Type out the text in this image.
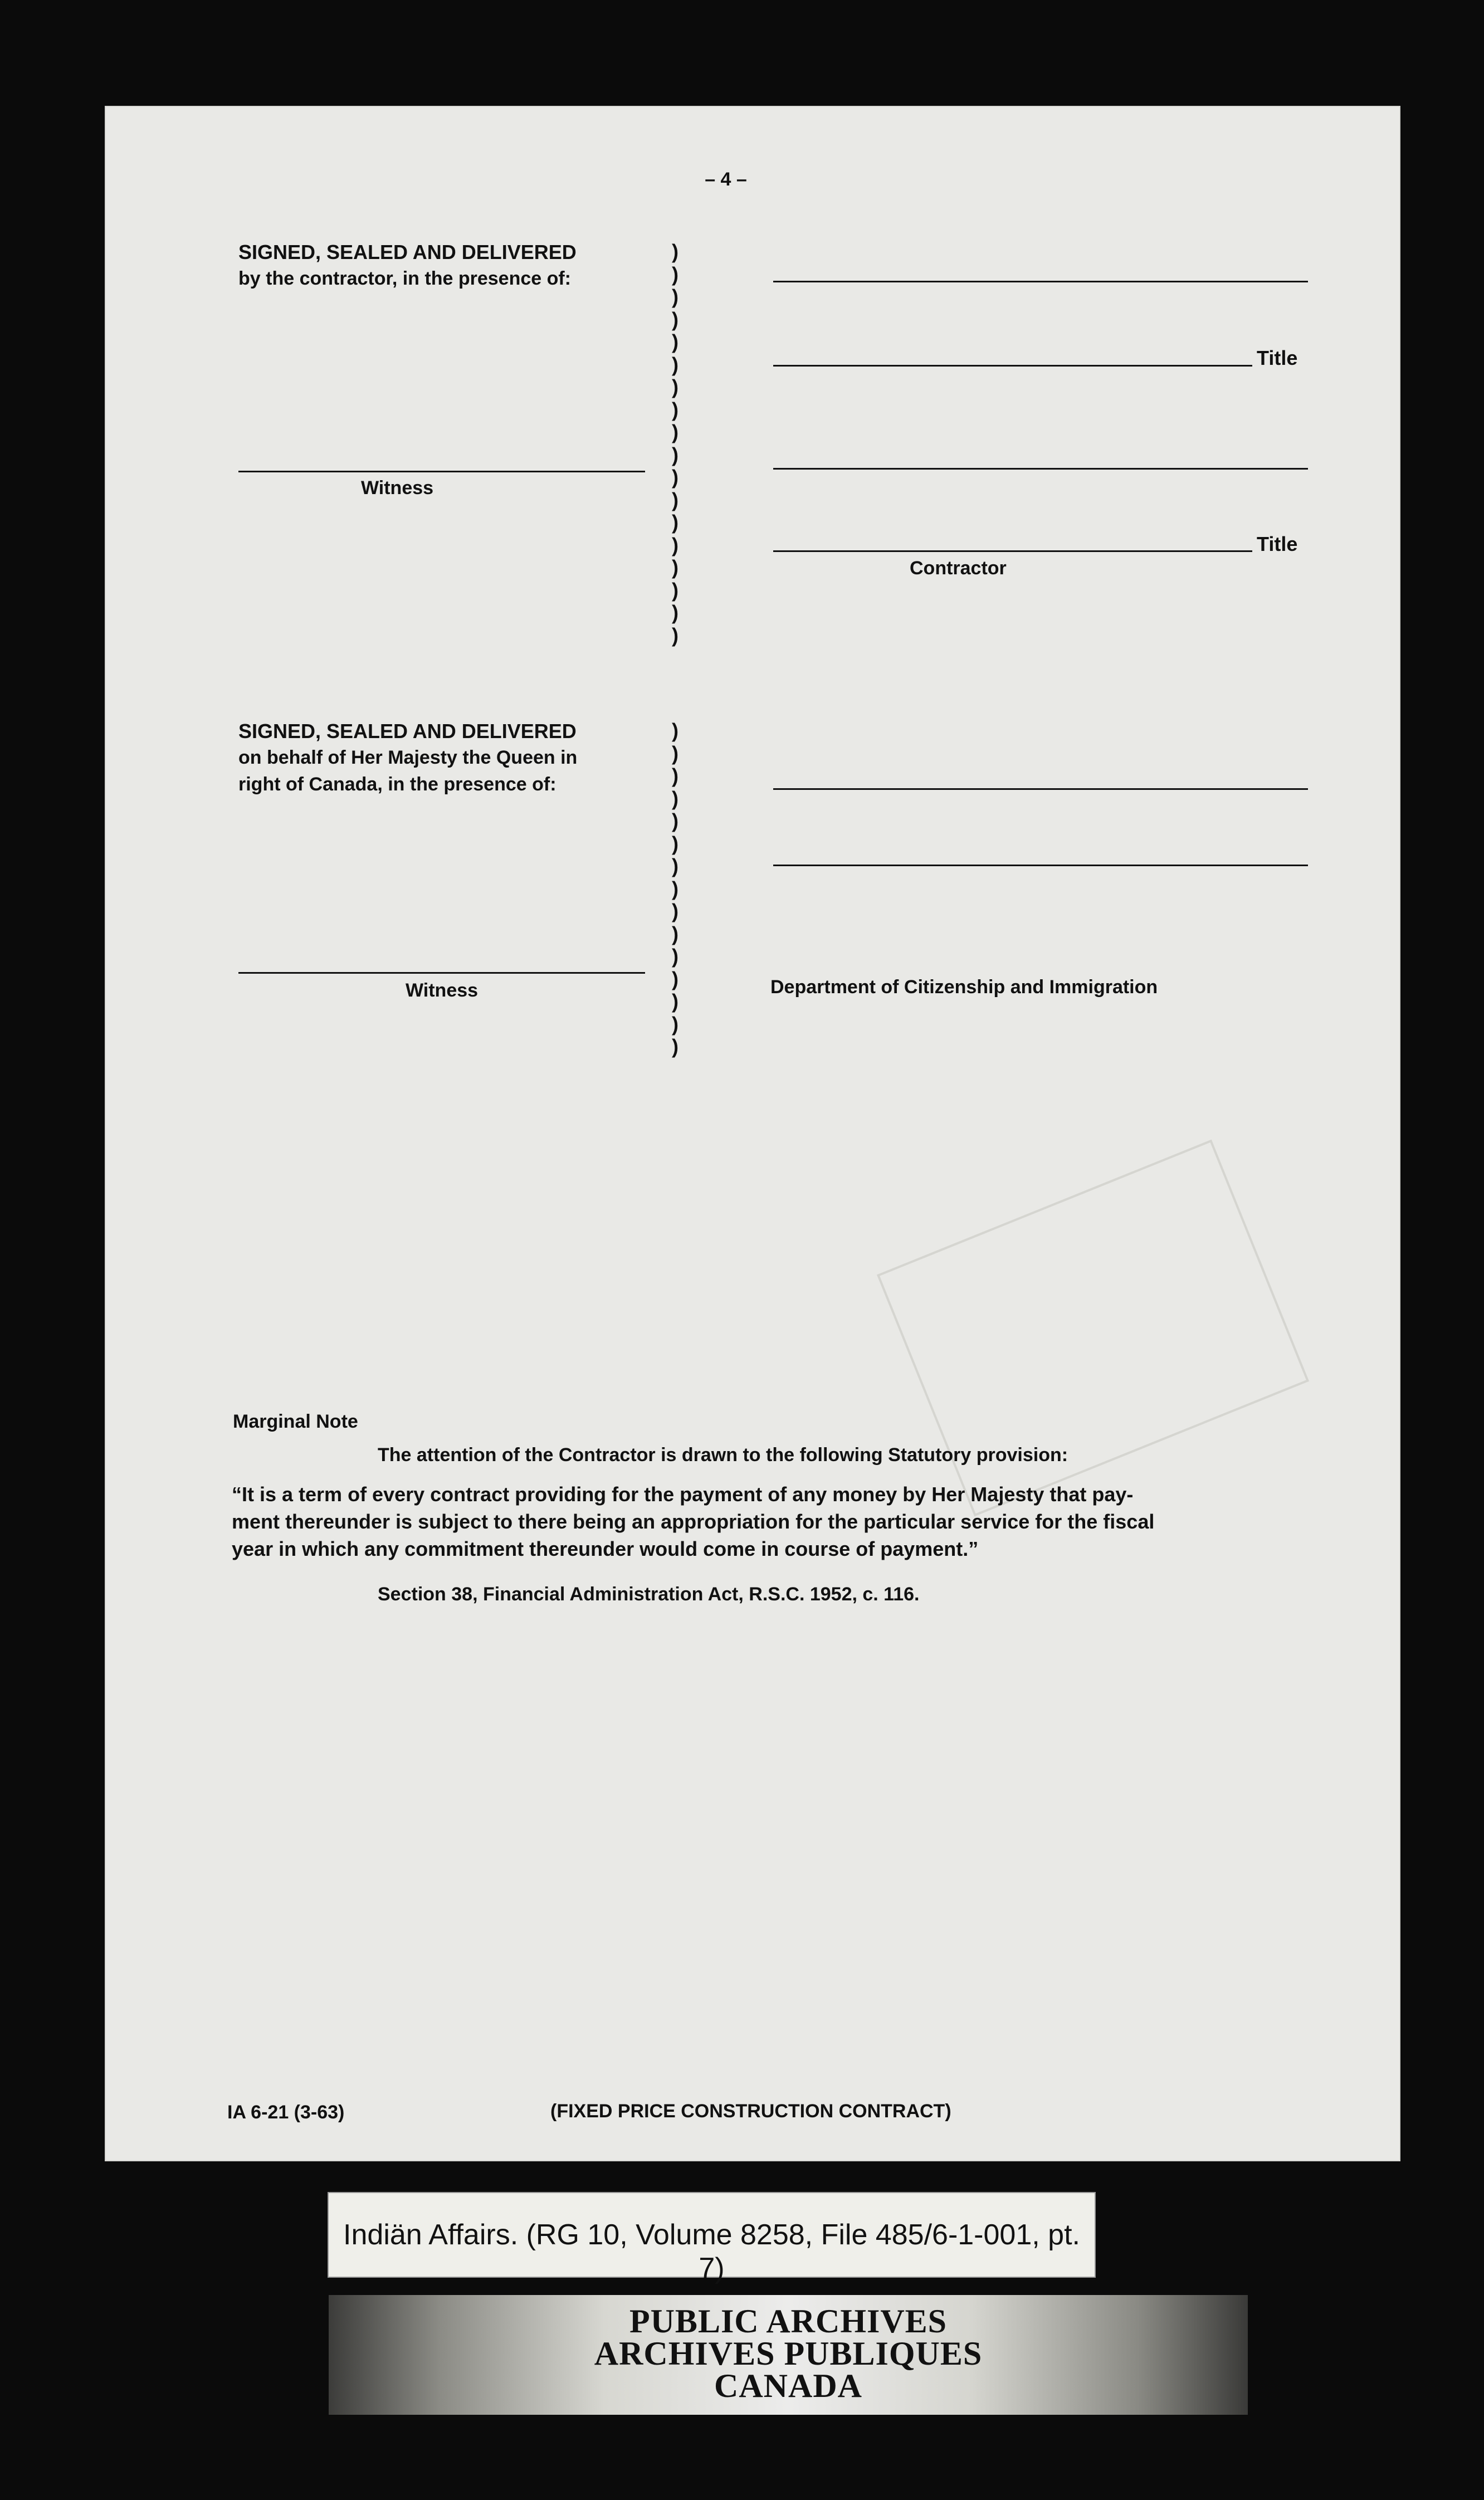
– 4 –
SIGNED, SEALED AND DELIVERED
by the contractor, in the presence of:
)
)
)
)
)
)
)
)
)
)
)
)
)
)
)
)
)
)
Title
Witness
Title
Contractor
SIGNED, SEALED AND DELIVERED
on behalf of Her Majesty the Queen in
right of Canada, in the presence of:
)
)
)
)
)
)
)
)
)
)
)
)
)
)
)
Witness	Department of Citizenship and Immigration
Marginal Note
The attention of the Contractor is drawn to the following Statutory provision:
“It is a term of every contract providing for the payment of any money by Her Majesty that pay-
ment thereunder is subject to there being an appropriation for the particular service for the fiscal
year in which any commitment thereunder would come in course of payment.”
Section 38, Financial Administration Act, R.S.C. 1952, c. 116.
IA 6-21 (3-63)	(FIXED PRICE CONSTRUCTION CONTRACT)
Indiän Affairs. (RG 10, Volume 8258, File 485/6-1-001, pt. 7)
PUBLIC ARCHIVES
ARCHIVES PUBLIQUES
CANADA
